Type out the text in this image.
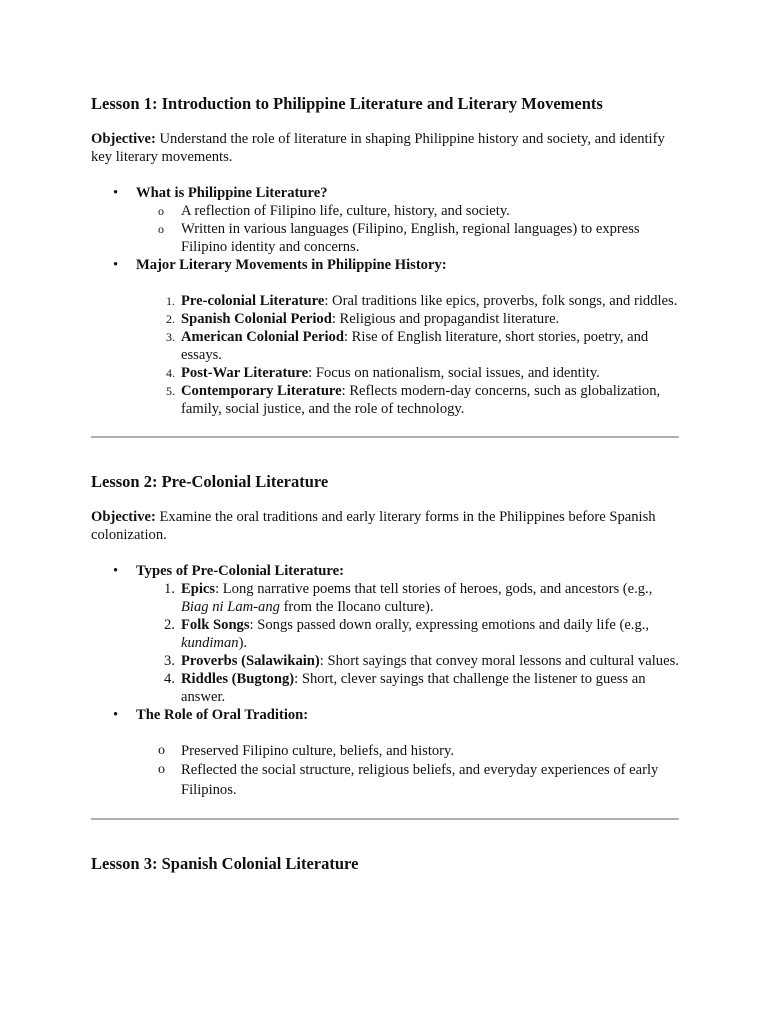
Lesson 1: Introduction to Philippine Literature and Literary Movements

Objective: Understand the role of literature in shaping Philippine history and society, and identify key literary movements.

• What is Philippine Literature?
o A reflection of Filipino life, culture, history, and society.
o Written in various languages (Filipino, English, regional languages) to express Filipino identity and concerns.
• Major Literary Movements in Philippine History:
1. Pre-colonial Literature: Oral traditions like epics, proverbs, folk songs, and riddles.
2. Spanish Colonial Period: Religious and propagandist literature.
3. American Colonial Period: Rise of English literature, short stories, poetry, and essays.
4. Post-War Literature: Focus on nationalism, social issues, and identity.
5. Contemporary Literature: Reflects modern-day concerns, such as globalization, family, social justice, and the role of technology.
Lesson 2: Pre-Colonial Literature

Objective: Examine the oral traditions and early literary forms in the Philippines before Spanish colonization.

• Types of Pre-Colonial Literature:
1. Epics: Long narrative poems that tell stories of heroes, gods, and ancestors (e.g., Biag ni Lam-ang from the Ilocano culture).
2. Folk Songs: Songs passed down orally, expressing emotions and daily life (e.g., kundiman).
3. Proverbs (Salawikain): Short sayings that convey moral lessons and cultural values.
4. Riddles (Bugtong): Short, clever sayings that challenge the listener to guess an answer.
• The Role of Oral Tradition:
o Preserved Filipino culture, beliefs, and history.
o Reflected the social structure, religious beliefs, and everyday experiences of early Filipinos.
Lesson 3: Spanish Colonial Literature
